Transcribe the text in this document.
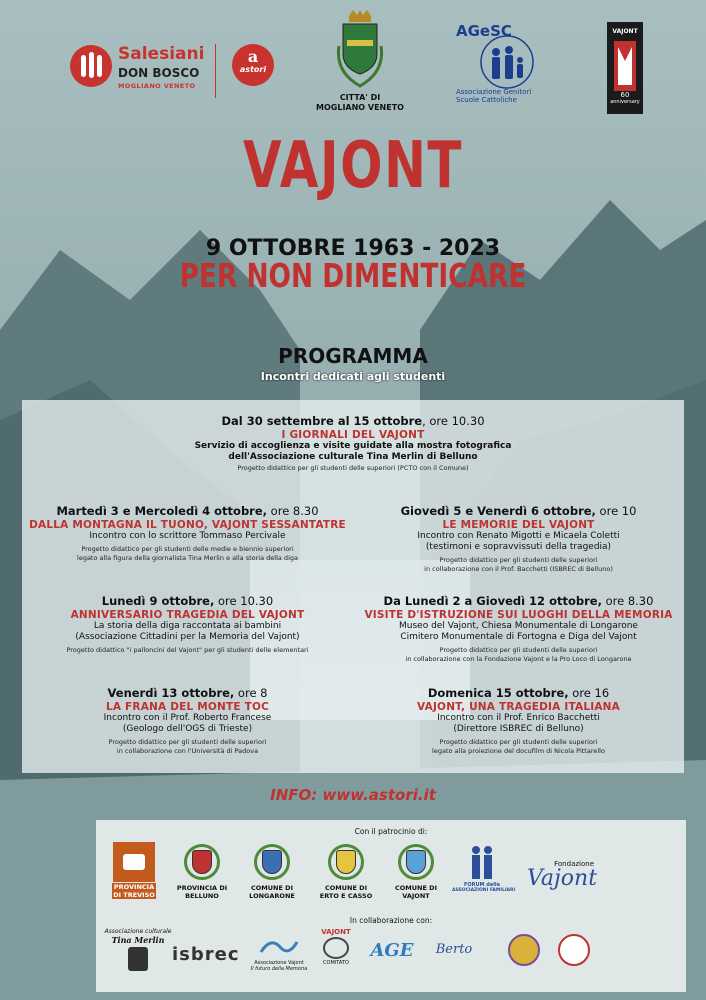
Salesiani
DON BOSCO
MOGLIANO VENETO
a
astori
CITTA' DI
MOGLIANO VENETO
AGeSC
Associazione Genitori
Scuole Cattoliche
VAJONT
60
anniversary
VAJONT
9 OTTOBRE 1963 - 2023
PER NON DIMENTICARE
PROGRAMMA
Incontri dedicati agli studenti
Dal 30 settembre al 15 ottobre, ore 10.30
I GIORNALI DEL VAJONT
Servizio di accoglienza e visite guidate alla mostra fotografica
dell'Associazione culturale Tina Merlin di Belluno
Progetto didattico per gli studenti delle superiori (PCTO con il Comune)
Martedì 3 e Mercoledì 4 ottobre, ore 8.30
DALLA MONTAGNA IL TUONO, VAJONT SESSANTATRE
Incontro con lo scrittore Tommaso Percivale
Progetto didattico per gli studenti delle medie e biennio superiori
legato alla figura della giornalista Tina Merlin e alla storia della diga
Giovedì 5 e Venerdì 6 ottobre, ore 10
LE MEMORIE DEL VAJONT
Incontro con Renato Migotti e Micaela Coletti
(testimoni e sopravvissuti della tragedia)
Progetto didattico per gli studenti delle superiori
in collaborazione con il Prof. Bacchetti (ISBREC di Belluno)
Lunedì 9 ottobre, ore 10.30
ANNIVERSARIO TRAGEDIA DEL VAJONT
La storia della diga raccontata ai bambini
(Associazione Cittadini per la Memoria del Vajont)
Progetto didattico "i palloncini del Vajont" per gli studenti delle elementari
Da Lunedì 2 a Giovedì 12 ottobre, ore 8.30
VISITE D'ISTRUZIONE SUI LUOGHI DELLA MEMORIA
Museo del Vajont, Chiesa Monumentale di Longarone
Cimitero Monumentale di Fortogna e Diga del Vajont
Progetto didattico per gli studenti delle superiori
in collaborazione con la Fondazione Vajont e la Pro Loco di Longarone
Venerdì 13 ottobre, ore 8
LA FRANA DEL MONTE TOC
Incontro con il Prof. Roberto Francese
(Geologo dell'OGS di Trieste)
Progetto didattico per gli studenti delle superiori
in collaborazione con l'Università di Padova
Domenica 15 ottobre, ore 16
VAJONT, UNA TRAGEDIA ITALIANA
Incontro con il Prof. Enrico Bacchetti
(Direttore ISBREC di Belluno)
Progetto didattico per gli studenti delle superiori
legato alla proiezione del docufilm di Nicola Pittarello
INFO: www.astori.it
Con il patrocinio di:
PROVINCIA
DI TREVISO
PROVINCIA DI
BELLUNO
COMUNE DI
LONGARONE
COMUNE DI
ERTO E CASSO
COMUNE DI
VAJONT
FORUM delle
ASSOCIAZIONI FAMILIARI
Fondazione
Vajont
In collaborazione con:
Associazione culturale
Tina Merlin
isbrec	Associazione Vajont
Il futuro della Memoria
VAJONT
COMITATO
AGE	Berto
